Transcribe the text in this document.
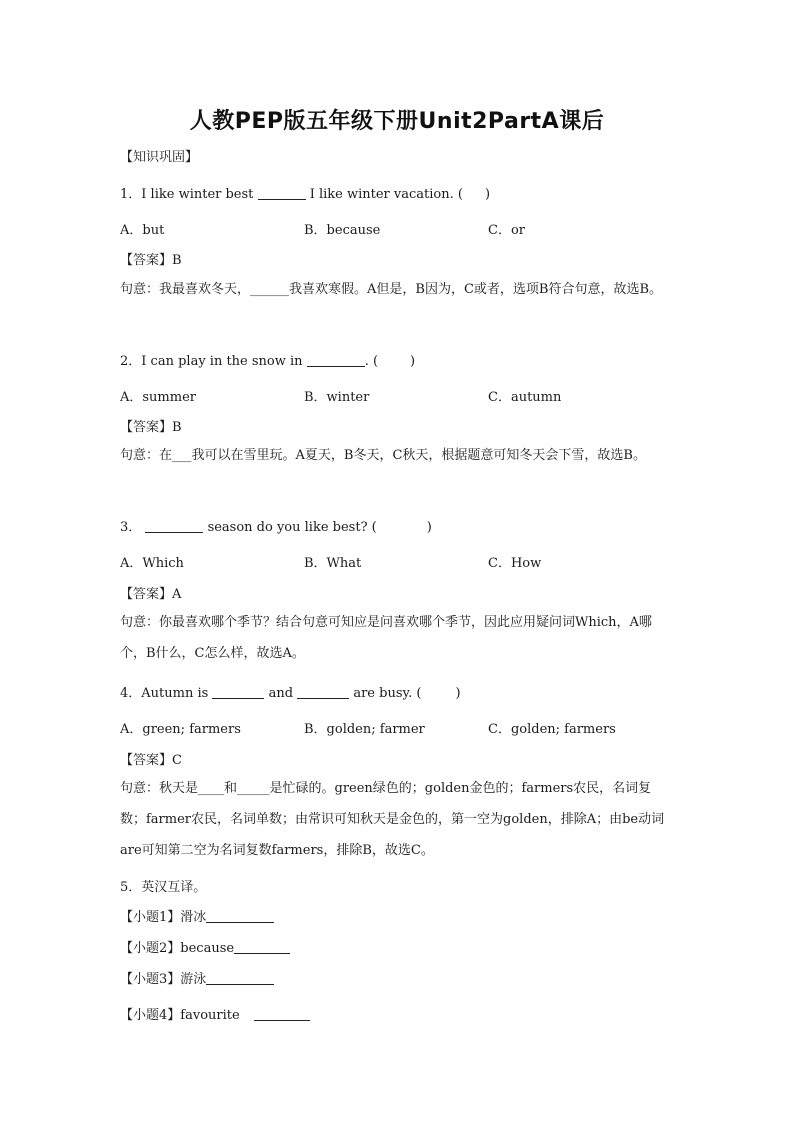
人教PEP版五年级下册Unit2PartA课后
【知识巩固】
1．I like winter best	I like winter vacation. ( )
A．but	B．because	C．or
【答案】B
句意：我最喜欢冬天，______我喜欢寒假。A但是，B因为，C或者，选项B符合句意，故选B。
2．I can play in the snow in	. ( )
A．summer	B．winter	C．autumn
【答案】B
句意：在___我可以在雪里玩。A夏天，B冬天，C秋天，根据题意可知冬天会下雪，故选B。
3．	season do you like best? (	)
A．Which	B．What	C．How
【答案】A
句意：你最喜欢哪个季节？结合句意可知应是问喜欢哪个季节，因此应用疑问词Which，A哪个，B什么，C怎么样，故选A。
4．Autumn is	and	are busy. (	)
A．green; farmers	B．golden; farmer	C．golden; farmers
【答案】C
句意：秋天是____和_____是忙碌的。green绿色的；golden金色的；farmers农民，名词复数；farmer农民，名词单数；由常识可知秋天是金色的，第一空为golden，排除A；由be动词are可知第二空为名词复数farmers，排除B，故选C。
5．英汉互译。
【小题1】滑冰
【小题2】because
【小题3】游泳
【小题4】favourite
